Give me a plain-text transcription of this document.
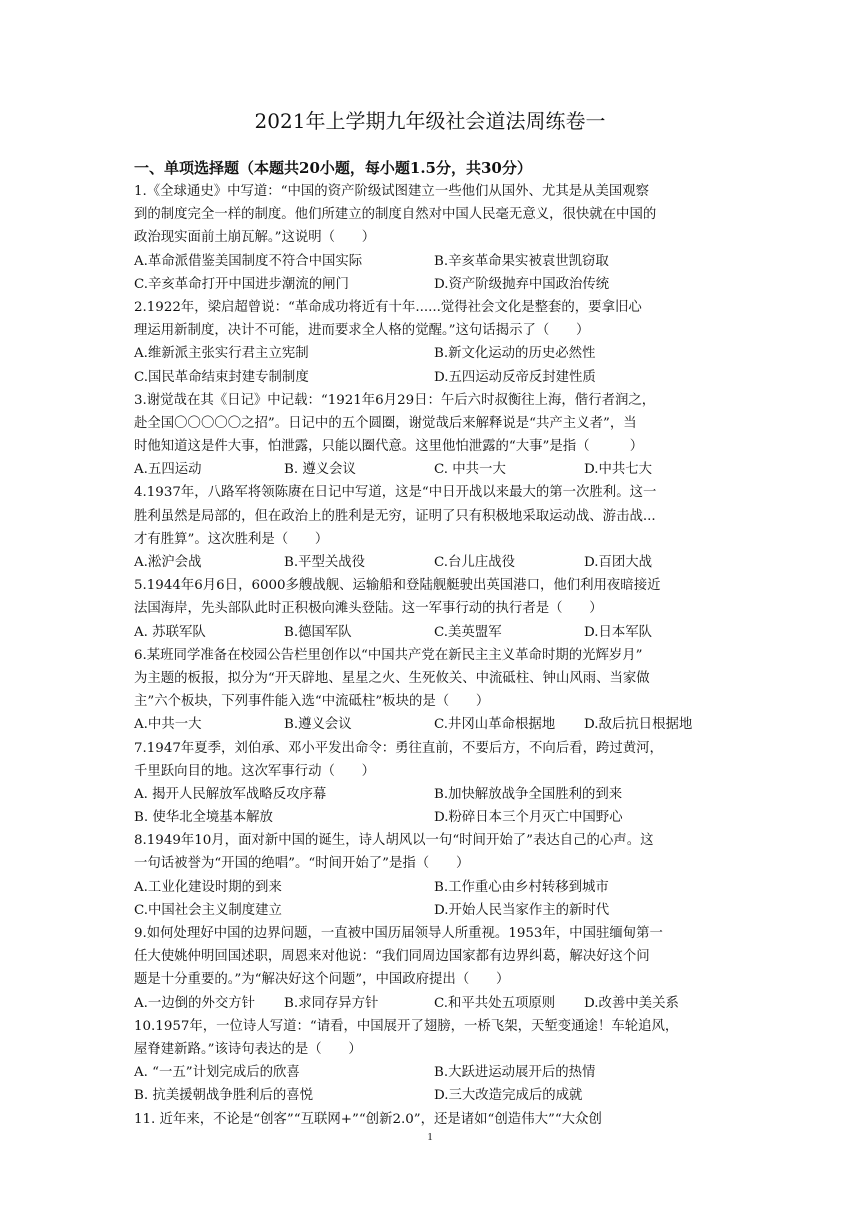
2021年上学期九年级社会道法周练卷一
一、单项选择题（本题共20小题，每小题1.5分，共30分）
1.《全球通史》中写道：“中国的资产阶级试图建立一些他们从国外、尤其是从美国观察
到的制度完全一样的制度。他们所建立的制度自然对中国人民毫无意义，很快就在中国的
政治现实面前土崩瓦解。”这说明（　　）
A.革命派借鉴美国制度不符合中国实际	B.辛亥革命果实被袁世凯窃取
C.辛亥革命打开中国进步潮流的闸门	D.资产阶级抛弃中国政治传统
2.1922年，梁启超曾说：“革命成功将近有十年......觉得社会文化是整套的，要拿旧心
理运用新制度，决计不可能，进而要求全人格的觉醒。”这句话揭示了（　　）
A.维新派主张实行君主立宪制	B.新文化运动的历史必然性
C.国民革命结束封建专制制度	D.五四运动反帝反封建性质
3.谢觉哉在其《日记》中记载：“1921年6月29日：午后六时叔衡往上海，偕行者润之，
赴全国〇〇〇〇〇之招”。日记中的五个圆圈，谢觉哉后来解释说是“共产主义者”，当
时他知道这是件大事，怕泄露，只能以圈代意。这里他怕泄露的“大事”是指（　　　）
A.五四运动	B. 遵义会议	C. 中共一大	D.中共七大
4.1937年，八路军将领陈赓在日记中写道，这是“中日开战以来最大的第一次胜利。这一
胜利虽然是局部的，但在政治上的胜利是无穷，证明了只有积极地采取运动战、游击战...
才有胜算”。这次胜利是（　　）
A.淞沪会战	B.平型关战役	C.台儿庄战役	D.百团大战
5.1944年6月6日，6000多艘战舰、运输船和登陆舰艇驶出英国港口，他们利用夜暗接近
法国海岸，先头部队此时正积极向滩头登陆。这一军事行动的执行者是（　　）
A. 苏联军队	B.德国军队	C.美英盟军	D.日本军队
6.某班同学准备在校园公告栏里创作以“中国共产党在新民主主义革命时期的光辉岁月”
为主题的板报，拟分为“开天辟地、星星之火、生死攸关、中流砥柱、钟山风雨、当家做
主”六个板块，下列事件能入选“中流砥柱”板块的是（　　）
A.中共一大	B.遵义会议	C.井冈山革命根据地	D.敌后抗日根据地
7.1947年夏季，刘伯承、邓小平发出命令：勇往直前，不要后方，不向后看，跨过黄河，
千里跃向目的地。这次军事行动（　　）
A. 揭开人民解放军战略反攻序幕	B.加快解放战争全国胜利的到来
B. 使华北全境基本解放	D.粉碎日本三个月灭亡中国野心
8.1949年10月，面对新中国的诞生，诗人胡风以一句“时间开始了”表达自己的心声。这
一句话被誉为“开国的绝唱”。“时间开始了”是指（　　）
A.工业化建设时期的到来	B.工作重心由乡村转移到城市
C.中国社会主义制度建立	D.开始人民当家作主的新时代
9.如何处理好中国的边界问题，一直被中国历届领导人所重视。1953年，中国驻缅甸第一
任大使姚仲明回国述职，周恩来对他说：“我们同周边国家都有边界纠葛，解决好这个问
题是十分重要的。”为“解决好这个问题”，中国政府提出（　　）
A.一边倒的外交方针	B.求同存异方针	C.和平共处五项原则	D.改善中美关系
10.1957年，一位诗人写道：“请看，中国展开了翅膀，一桥飞架，天堑变通途！车轮追风，
屋脊建新路。”该诗句表达的是（　　）
A. “一五”计划完成后的欣喜	B.大跃进运动展开后的热情
B. 抗美援朝战争胜利后的喜悦	D.三大改造完成后的成就
11. 近年来，不论是“创客”“互联网+”“创新2.0”，还是诸如“创造伟大”“大众创
1
